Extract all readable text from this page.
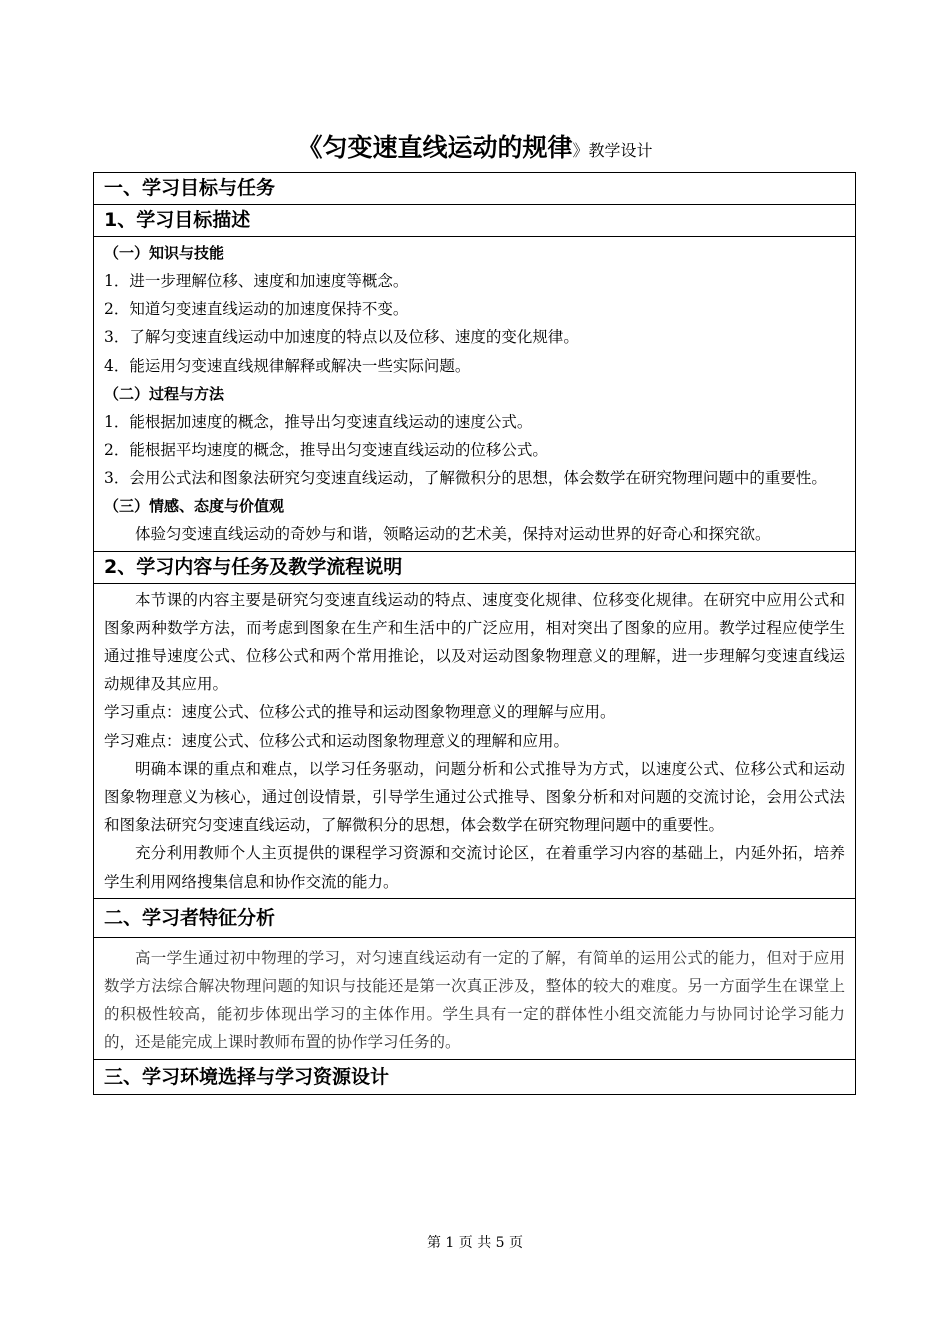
《匀变速直线运动的规律》教学设计
一、学习目标与任务
1、学习目标描述

（一）知识与技能

1．进一步理解位移、速度和加速度等概念。

2．知道匀变速直线运动的加速度保持不变。

3．了解匀变速直线运动中加速度的特点以及位移、速度的变化规律。

4．能运用匀变速直线规律解释或解决一些实际问题。

（二）过程与方法

1．能根据加速度的概念，推导出匀变速直线运动的速度公式。

2．能根据平均速度的概念，推导出匀变速直线运动的位移公式。

3．会用公式法和图象法研究匀变速直线运动，了解微积分的思想，体会数学在研究物理问题中的重要性。

（三）情感、态度与价值观

体验匀变速直线运动的奇妙与和谐，领略运动的艺术美，保持对运动世界的好奇心和探究欲。

2、学习内容与任务及教学流程说明

本节课的内容主要是研究匀变速直线运动的特点、速度变化规律、位移变化规律。在研究中应用公式和图象两种数学方法，而考虑到图象在生产和生活中的广泛应用，相对突出了图象的应用。教学过程应使学生通过推导速度公式、位移公式和两个常用推论，以及对运动图象物理意义的理解，进一步理解匀变速直线运动规律及其应用。

学习重点：速度公式、位移公式的推导和运动图象物理意义的理解与应用。

学习难点：速度公式、位移公式和运动图象物理意义的理解和应用。

明确本课的重点和难点，以学习任务驱动，问题分析和公式推导为方式，以速度公式、位移公式和运动图象物理意义为核心，通过创设情景，引导学生通过公式推导、图象分析和对问题的交流讨论，会用公式法和图象法研究匀变速直线运动，了解微积分的思想，体会数学在研究物理问题中的重要性。

充分利用教师个人主页提供的课程学习资源和交流讨论区，在着重学习内容的基础上，内延外拓，培养学生利用网络搜集信息和协作交流的能力。

二、学习者特征分析

高一学生通过初中物理的学习，对匀速直线运动有一定的了解，有简单的运用公式的能力，但对于应用数学方法综合解决物理问题的知识与技能还是第一次真正涉及，整体的较大的难度。另一方面学生在课堂上的积极性较高，能初步体现出学习的主体作用。学生具有一定的群体性小组交流能力与协同讨论学习能力的，还是能完成上课时教师布置的协作学习任务的。

三、学习环境选择与学习资源设计
第 1 页 共 5 页
